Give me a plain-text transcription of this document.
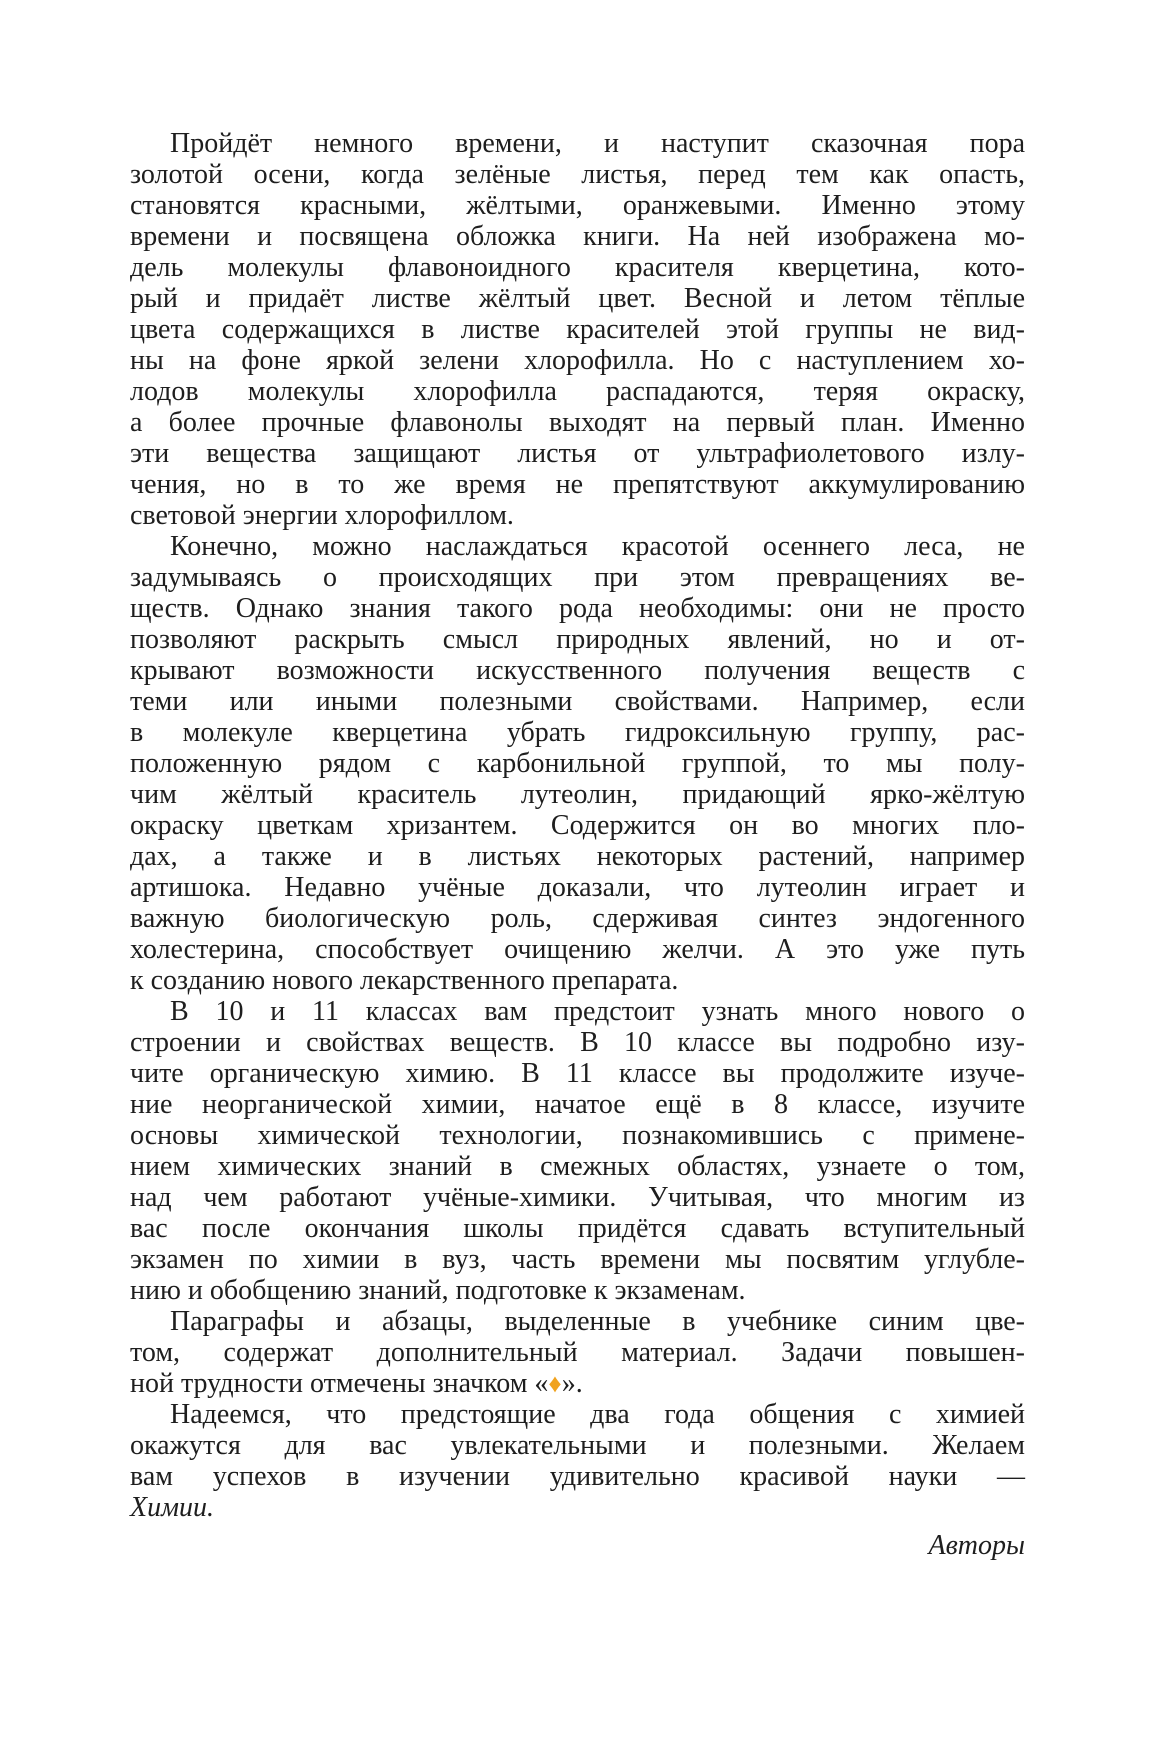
Пройдёт немного времени, и наступит сказочная пора
золотой осени, когда зелёные листья, перед тем как опасть,
становятся красными, жёлтыми, оранжевыми. Именно этому
времени и посвящена обложка книги. На ней изображена мо-
дель молекулы флавоноидного красителя кверцетина, кото-
рый и придаёт листве жёлтый цвет. Весной и летом тёплые
цвета содержащихся в листве красителей этой группы не вид-
ны на фоне яркой зелени хлорофилла. Но с наступлением хо-
лодов молекулы хлорофилла распадаются, теряя окраску,
а более прочные флавонолы выходят на первый план. Именно
эти вещества защищают листья от ультрафиолетового излу-
чения, но в то же время не препятствуют аккумулированию
световой энергии хлорофиллом.
Конечно, можно наслаждаться красотой осеннего леса, не
задумываясь о происходящих при этом превращениях ве-
ществ. Однако знания такого рода необходимы: они не просто
позволяют раскрыть смысл природных явлений, но и от-
крывают возможности искусственного получения веществ с
теми или иными полезными свойствами. Например, если
в молекуле кверцетина убрать гидроксильную группу, рас-
положенную рядом с карбонильной группой, то мы полу-
чим жёлтый краситель лутеолин, придающий ярко-жёлтую
окраску цветкам хризантем. Содержится он во многих пло-
дах, а также и в листьях некоторых растений, например
артишока. Недавно учёные доказали, что лутеолин играет и
важную биологическую роль, сдерживая синтез эндогенного
холестерина, способствует очищению желчи. А это уже путь
к созданию нового лекарственного препарата.
В 10 и 11 классах вам предстоит узнать много нового о
строении и свойствах веществ. В 10 классе вы подробно изу-
чите органическую химию. В 11 классе вы продолжите изуче-
ние неорганической химии, начатое ещё в 8 классе, изучите
основы химической технологии, познакомившись с примене-
нием химических знаний в смежных областях, узнаете о том,
над чем работают учёные-химики. Учитывая, что многим из
вас после окончания школы придётся сдавать вступительный
экзамен по химии в вуз, часть времени мы посвятим углубле-
нию и обобщению знаний, подготовке к экзаменам.
Параграфы и абзацы, выделенные в учебнике синим цве-
том, содержат дополнительный материал. Задачи повышен-
ной трудности отмечены значком «♦».
Надеемся, что предстоящие два года общения с химией
окажутся для вас увлекательными и полезными. Желаем
вам успехов в изучении удивительно красивой науки —
Химии.
Авторы
